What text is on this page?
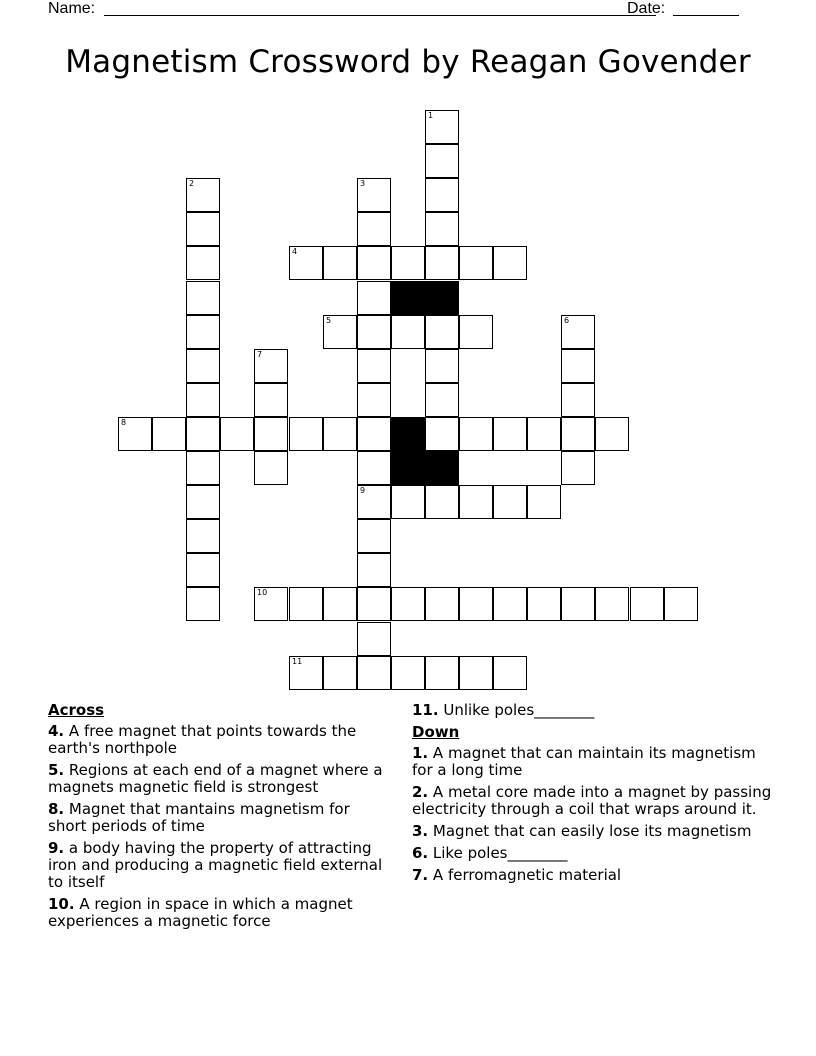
Name:	Date:
Magnetism Crossword by Reagan Govender
1
2	3
9
4
5	6
7
8
10
11
Across
4. A free magnet that points towards the earth's northpole
5. Regions at each end of a magnet where a magnets magnetic field is strongest
8. Magnet that mantains magnetism for short periods of time
9. a body having the property of attracting iron and producing a magnetic field external to itself
10. A region in space in which a magnet experiences a magnetic force
11. Unlike poles________
Down
1. A magnet that can maintain its magnetism for a long time
2. A metal core made into a magnet by passing electricity through a coil that wraps around it.
3. Magnet that can easily lose its magnetism
6. Like poles________
7. A ferromagnetic material
